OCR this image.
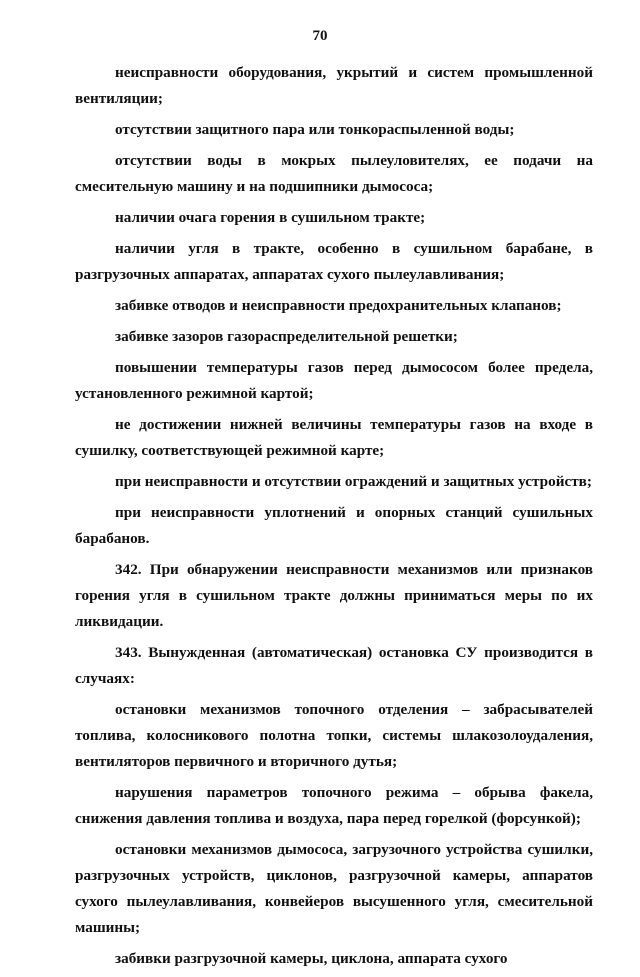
70

неисправности оборудования, укрытий и систем промышленной вентиляции;

отсутствии защитного пара или тонкораспыленной воды;

отсутствии воды в мокрых пылеуловителях, ее подачи на смесительную машину и на подшипники дымососа;

наличии очага горения в сушильном тракте;

наличии угля в тракте, особенно в сушильном барабане, в разгрузочных аппаратах, аппаратах сухого пылеулавливания;

забивке отводов и неисправности предохранительных клапанов;

забивке зазоров газораспределительной решетки;

повышении температуры газов перед дымососом более предела, установленного режимной картой;

не достижении нижней величины температуры газов на входе в сушилку, соответствующей режимной карте;

при неисправности и отсутствии ограждений и защитных устройств;

при неисправности уплотнений и опорных станций сушильных барабанов.

342. При обнаружении неисправности механизмов или признаков горения угля в сушильном тракте должны приниматься меры по их ликвидации.

343. Вынужденная (автоматическая) остановка СУ производится в случаях:

остановки механизмов топочного отделения – забрасывателей топлива, колосникового полотна топки, системы шлакозолоудаления, вентиляторов первичного и вторичного дутья;

нарушения параметров топочного режима – обрыва факела, снижения давления топлива и воздуха, пара перед горелкой (форсункой);

остановки механизмов дымососа, загрузочного устройства сушилки, разгрузочных устройств, циклонов, разгрузочной камеры, аппаратов сухого пылеулавливания, конвейеров высушенного угля, смесительной машины;

забивки разгрузочной камеры, циклона, аппарата сухого
